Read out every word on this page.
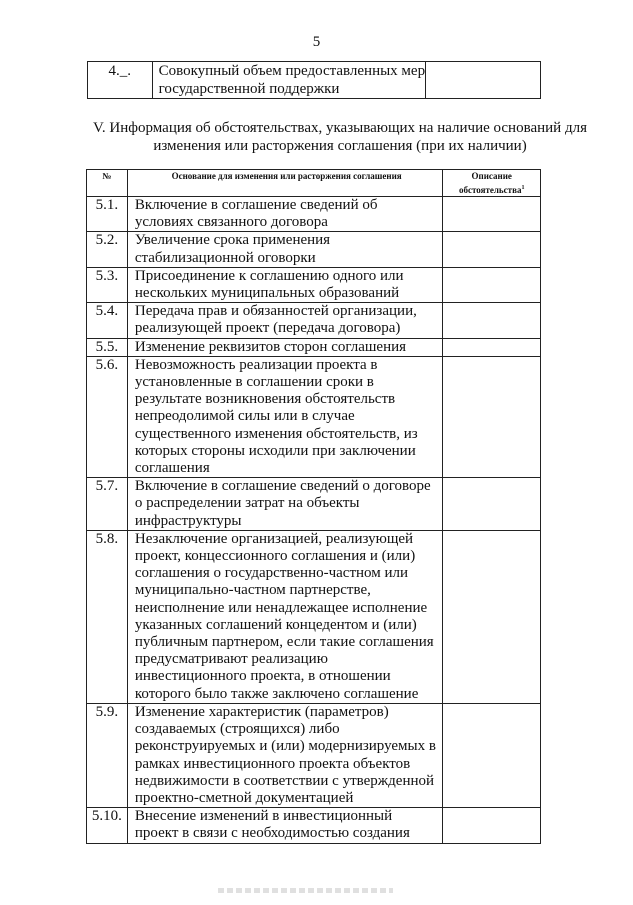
5
4._.	Совокупный объем предоставленных мер государственной поддержки	
V. Информация об обстоятельствах, указывающих на наличие оснований для изменения или расторжения соглашения (при их наличии)
№	Основание для изменения или расторжения соглашения	Описание обстоятельства$^1$
5.1.	Включение в соглашение сведений об условиях связанного договора	
5.2.	Увеличение срока применения стабилизационной оговорки	
5.3.	Присоединение к соглашению одного или нескольких муниципальных образований	
5.4.	Передача прав и обязанностей организации, реализующей проект (передача договора)	
5.5.	Изменение реквизитов сторон соглашения	
5.6.	Невозможность реализации проекта в установленные в соглашении сроки в результате возникновения обстоятельств непреодолимой силы или в случае существенного изменения обстоятельств, из которых стороны исходили при заключении соглашения	
5.7.	Включение в соглашение сведений о договоре о распределении затрат на объекты инфраструктуры	
5.8.	Незаключение организацией, реализующей проект, концессионного соглашения и (или) соглашения о государственно-частном или муниципально-частном партнерстве, неисполнение или ненадлежащее исполнение указанных соглашений концедентом и (или) публичным партнером, если такие соглашения предусматривают реализацию инвестиционного проекта, в отношении которого было также заключено соглашение	
5.9.	Изменение характеристик (параметров) создаваемых (строящихся) либо реконструируемых и (или) модернизируемых в рамках инвестиционного проекта объектов недвижимости в соответствии с утвержденной проектно-сметной документацией	
5.10.	Внесение изменений в инвестиционный проект в связи с необходимостью создания	
